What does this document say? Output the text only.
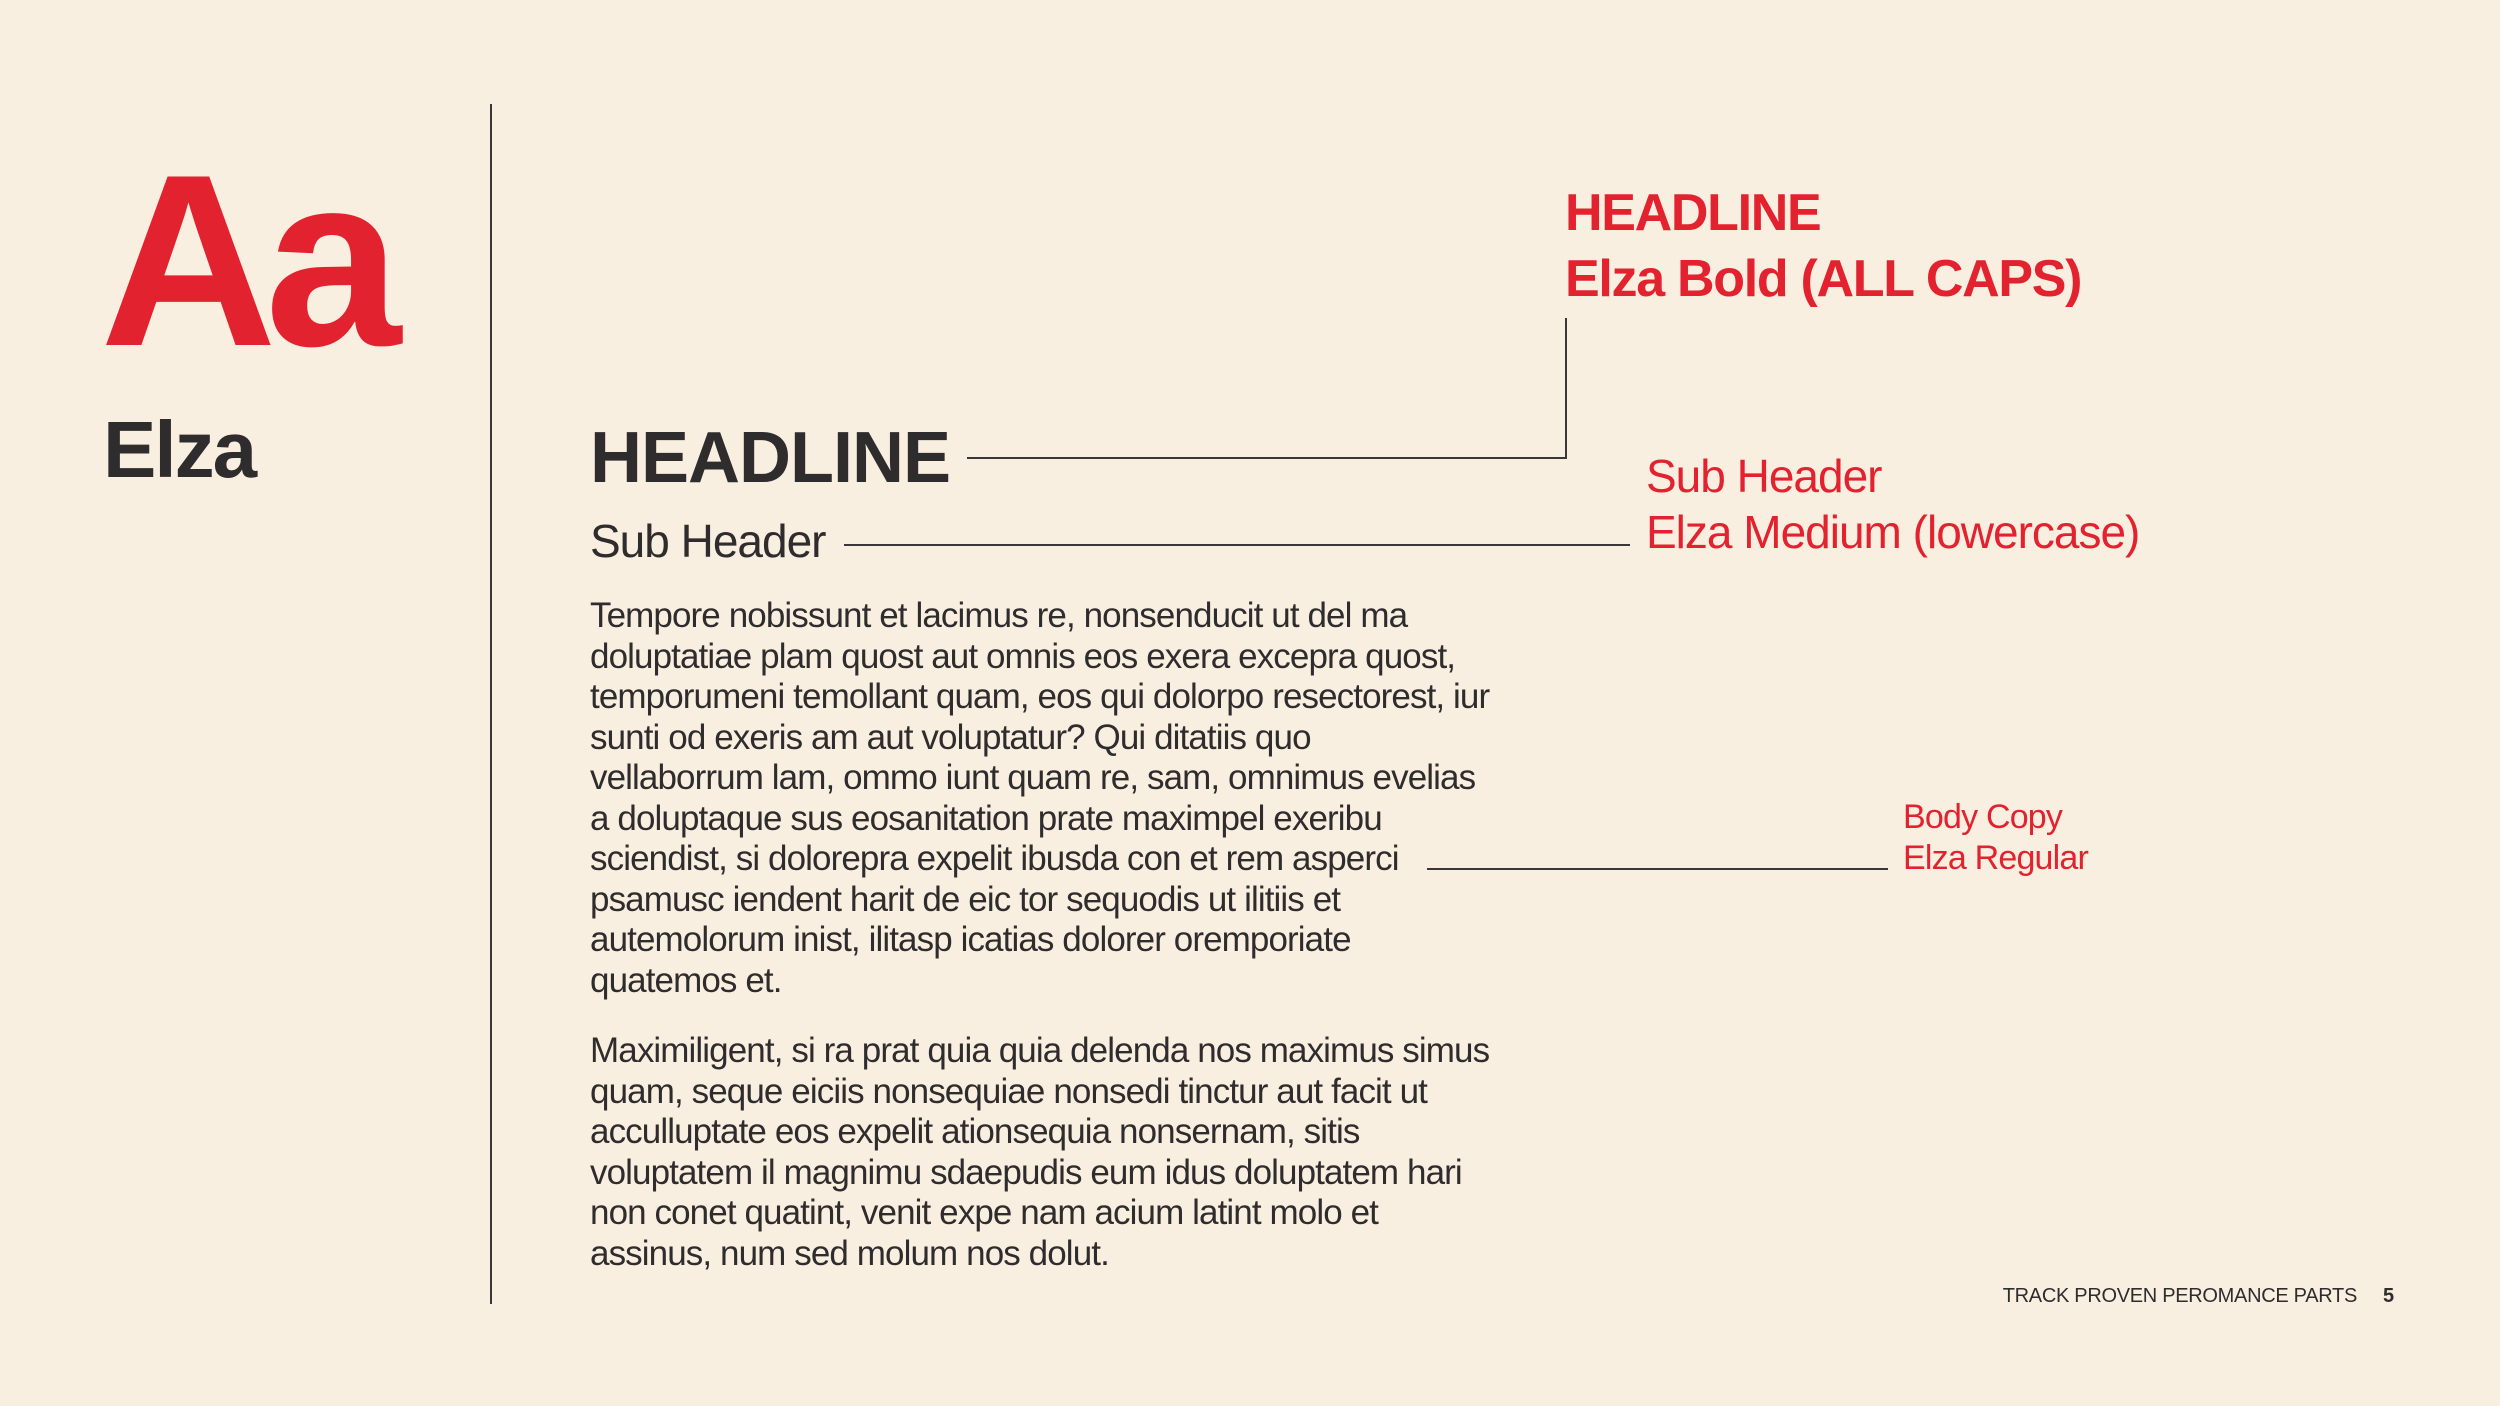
Aa
Elza	HEADLINE
Sub Header

Tempore nobissunt et lacimus re, nonsenducit ut del ma doluptatiae plam quost aut omnis eos exera excepra quost, temporumeni temollant quam, eos qui dolorpo resectorest, iur sunti od exeris am aut voluptatur? Qui ditatiis quo vellaborrum lam, ommo iunt quam re, sam, omnimus evelias a doluptaque sus eosanitation prate maximpel exeribu sciendist, si dolorepra expelit ibusda con et rem asperci psamusc iendent harit de eic tor sequodis ut ilitiis et autemolorum inist, ilitasp icatias dolorer oremporiate quatemos et.

Maximiligent, si ra prat quia quia delenda nos maximus simus quam, seque eiciis nonsequiae nonsedi tinctur aut facit ut acculluptate eos expelit ationsequia nonsernam, sitis voluptatem il magnimu sdaepudis eum idus doluptatem hari non conet quatint, venit expe nam acium latint molo et assinus, num sed molum nos dolut.

HEADLINE
Elza Bold (ALL CAPS)
Sub Header
Elza Medium (lowercase)
Body Copy
Elza Regular
TRACK PROVEN PEROMANCE PARTS 5
